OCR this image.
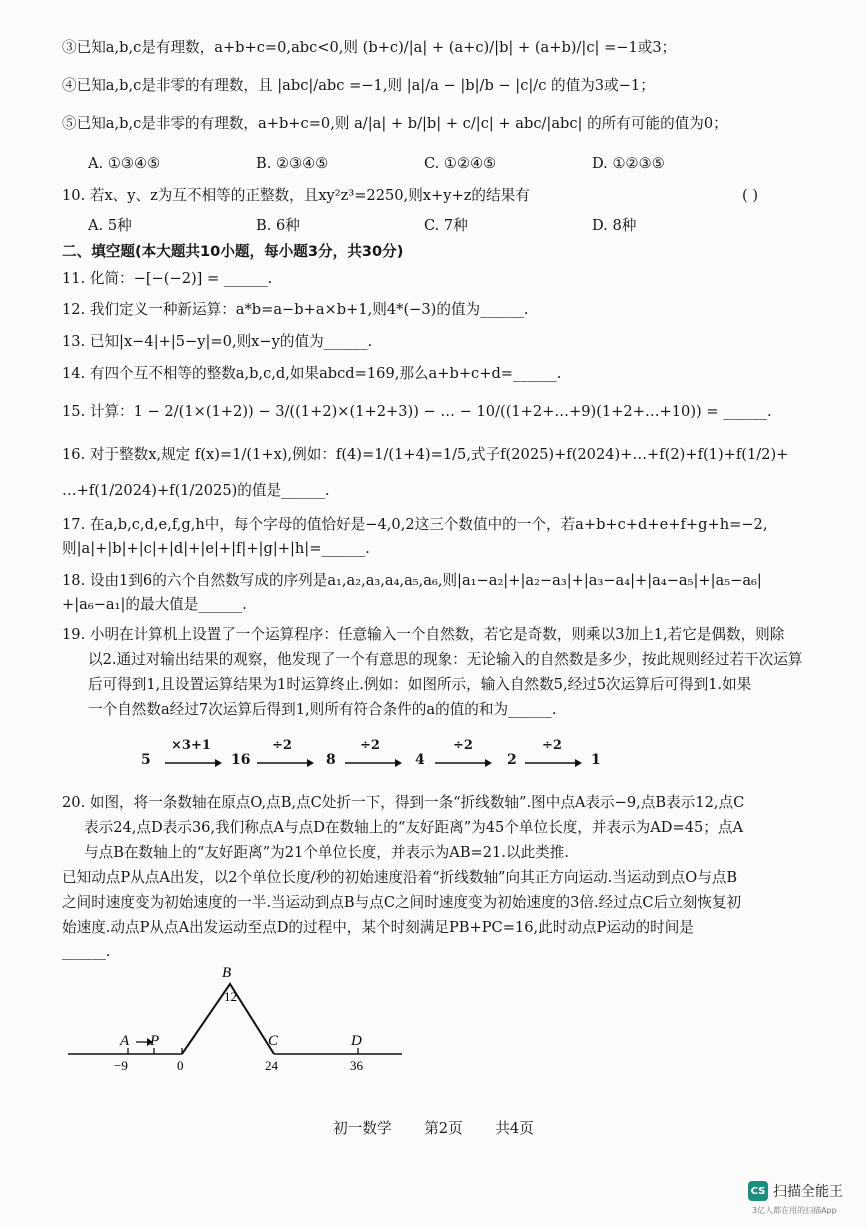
③已知a,b,c是有理数，a+b+c=0,abc<0,则 (b+c)/|a| + (a+c)/|b| + (a+b)/|c| =−1或3；
④已知a,b,c是非零的有理数，且 |abc|/abc =−1,则 |a|/a − |b|/b − |c|/c 的值为3或−1；
⑤已知a,b,c是非零的有理数，a+b+c=0,则 a/|a| + b/|b| + c/|c| + abc/|abc| 的所有可能的值为0；
A. ①③④⑤	B. ②③④⑤	C. ①②④⑤	D. ①②③⑤
10. 若x、y、z为互不相等的正整数，且xy²z³=2250,则x+y+z的结果有	( )
A. 5种	B. 6种	C. 7种	D. 8种
二、填空题(本大题共10小题，每小题3分，共30分)
11. 化简：−[−(−2)] = ______.
12. 我们定义一种新运算：a*b=a−b+a×b+1,则4*(−3)的值为______.
13. 已知|x−4|+|5−y|=0,则x−y的值为______.
14. 有四个互不相等的整数a,b,c,d,如果abcd=169,那么a+b+c+d=______.
15. 计算：1 − 2/(1×(1+2)) − 3/((1+2)×(1+2+3)) − … − 10/((1+2+…+9)(1+2+…+10)) = ______.
16. 对于整数x,规定 f(x)=1/(1+x),例如：f(4)=1/(1+4)=1/5,式子f(2025)+f(2024)+…+f(2)+f(1)+f(1/2)+
…+f(1/2024)+f(1/2025)的值是______.
17. 在a,b,c,d,e,f,g,h中，每个字母的值恰好是−4,0,2这三个数值中的一个，若a+b+c+d+e+f+g+h=−2,
则|a|+|b|+|c|+|d|+|e|+|f|+|g|+|h|=______.
18. 设由1到6的六个自然数写成的序列是a₁,a₂,a₃,a₄,a₅,a₆,则|a₁−a₂|+|a₂−a₃|+|a₃−a₄|+|a₄−a₅|+|a₅−a₆|
+|a₆−a₁|的最大值是______.
19. 小明在计算机上设置了一个运算程序：任意输入一个自然数，若它是奇数，则乘以3加上1,若它是偶数，则除
以2.通过对输出结果的观察，他发现了一个有意思的现象：无论输入的自然数是多少，按此规则经过若干次运算
后可得到1,且设置运算结果为1时运算终止.例如：如图所示，输入自然数5,经过5次运算后可得到1.如果
一个自然数a经过7次运算后得到1,则所有符合条件的a的值的和为______.
5
×3+1
16
÷2
8
÷2
4
÷2
2
÷2
1
20. 如图，将一条数轴在原点O,点B,点C处折一下，得到一条“折线数轴”.图中点A表示−9,点B表示12,点C
表示24,点D表示36,我们称点A与点D在数轴上的“友好距离”为45个单位长度，并表示为AD=45；点A
与点B在数轴上的“友好距离”为21个单位长度，并表示为AB=21.以此类推.
已知动点P从点A出发，以2个单位长度/秒的初始速度沿着“折线数轴”向其正方向运动.当运动到点O与点B
之间时速度变为初始速度的一半.当运动到点B与点C之间时速度变为初始速度的3倍.经过点C后立刻恢复初
始速度.动点P从点A出发运动至点D的过程中，某个时刻满足PB+PC=16,此时动点P运动的时间是
______.
A P
B
C	D
−9	0
12
24	36
初一数学 第2页 共4页
CS 扫描全能王
3亿人都在用的扫描App
